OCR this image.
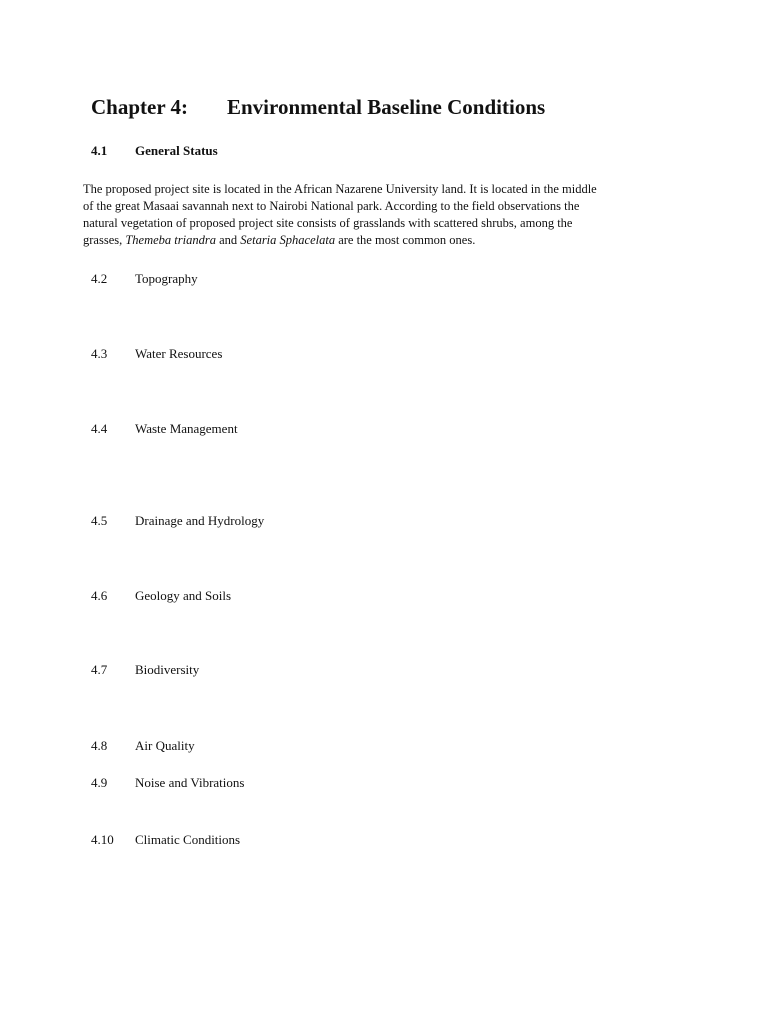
Chapter 4: Environmental Baseline Conditions
4.1 General Status
The proposed project site is located in the African Nazarene University land. It is located in the middle
of the great Masaai savannah next to Nairobi National park. According to the field observations the
natural vegetation of proposed project site consists of grasslands with scattered shrubs, among the
grasses, Themeba triandra and Setaria Sphacelata are the most common ones.
4.2 Topography
4.3 Water Resources
4.4 Waste Management
4.5 Drainage and Hydrology
4.6 Geology and Soils
4.7 Biodiversity
4.8 Air Quality
4.9 Noise and Vibrations
4.10 Climatic Conditions
